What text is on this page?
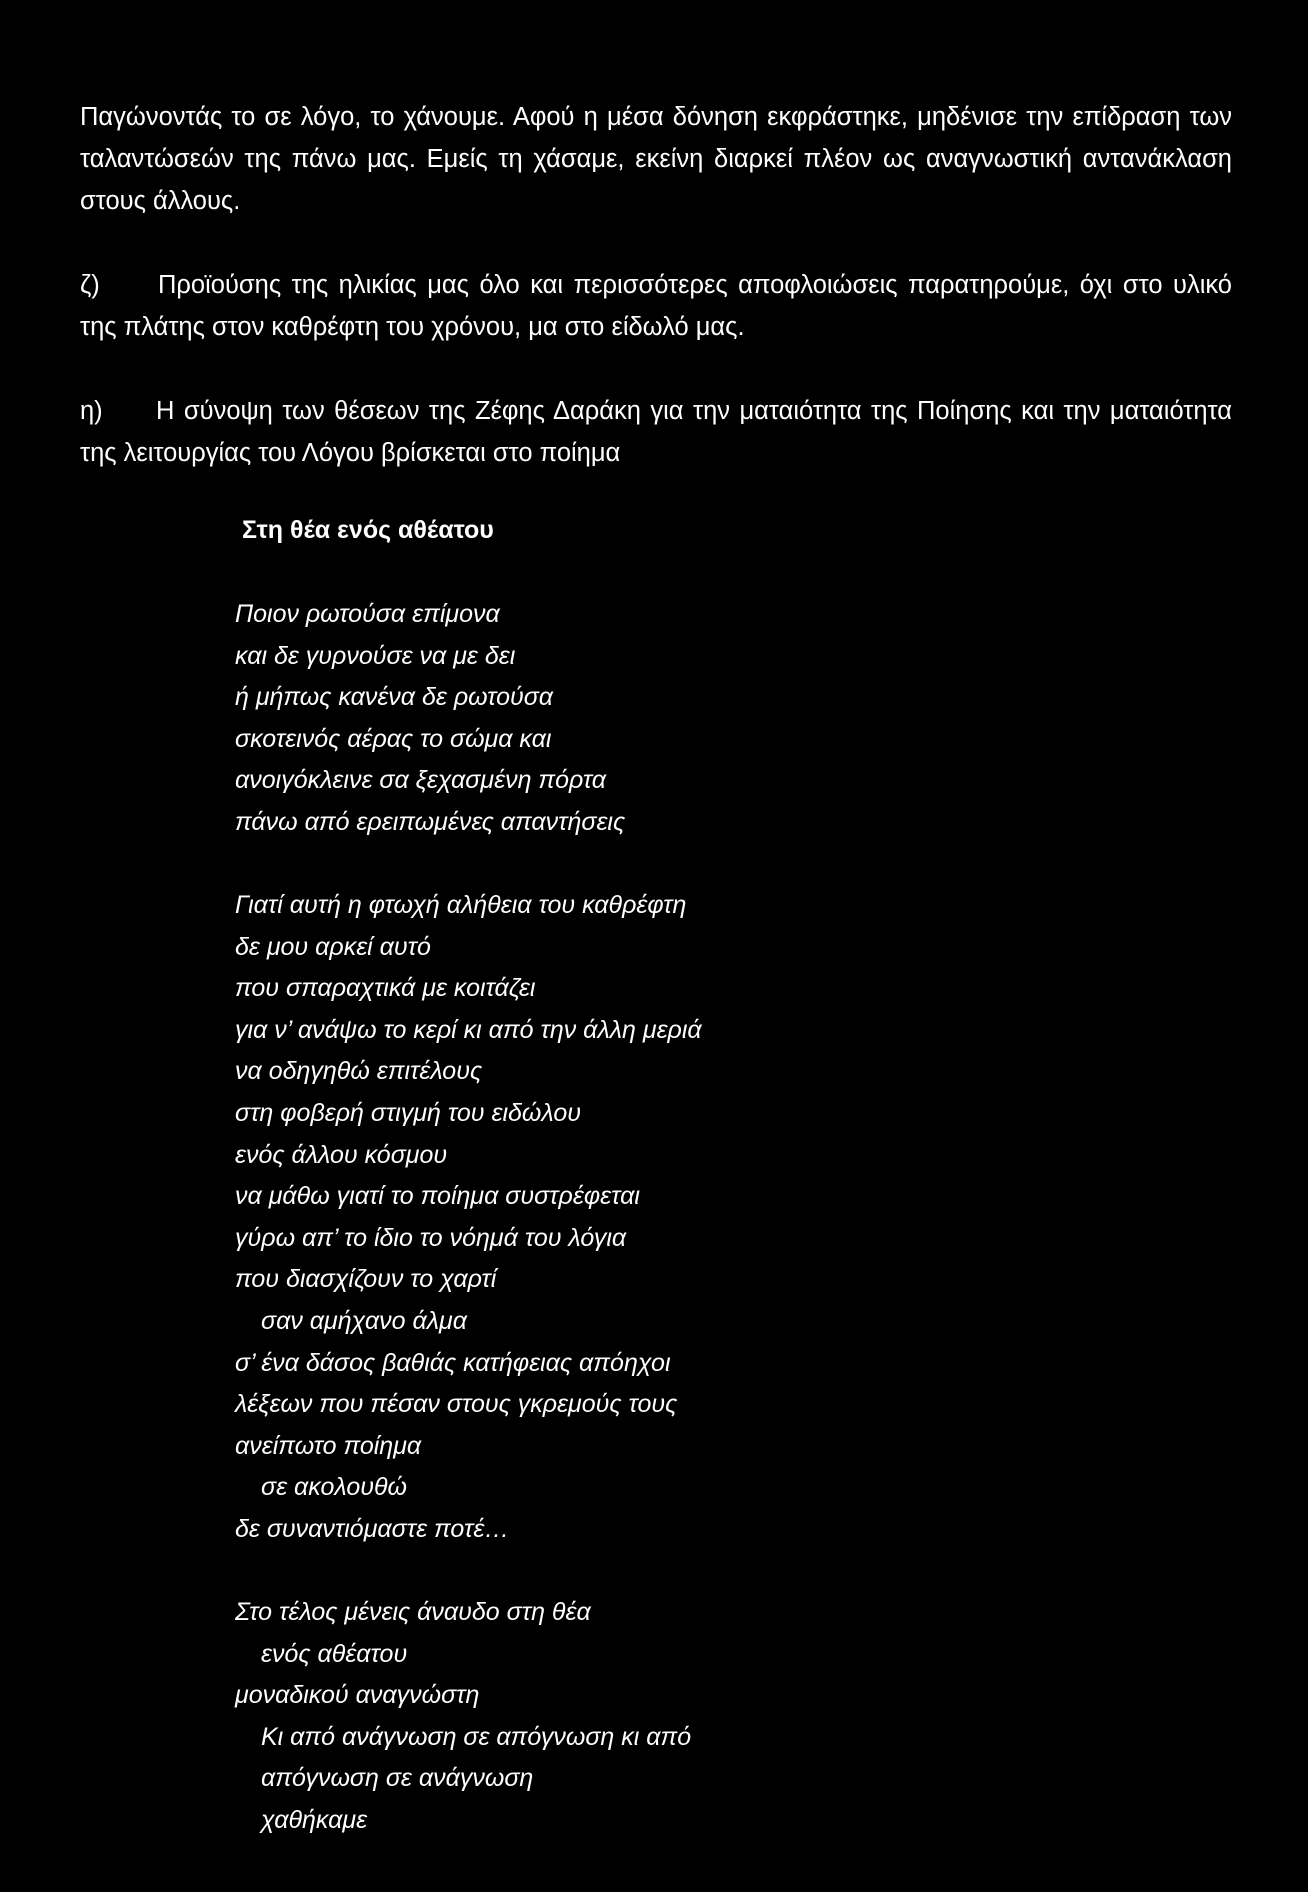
Παγώνοντάς το σε λόγο, το χάνουμε. Αφού η μέσα δόνηση εκφράστηκε, μηδένισε την επίδραση των ταλαντώσεών της πάνω μας. Εμείς τη χάσαμε, εκείνη διαρκεί πλέον ως αναγνωστική αντανάκλαση στους άλλους.

ζ) Προϊούσης της ηλικίας μας όλο και περισσότερες αποφλοιώσεις παρατηρούμε, όχι στο υλικό της πλάτης στον καθρέφτη του χρόνου, μα στο είδωλό μας.

η) Η σύνοψη των θέσεων της Ζέφης Δαράκη για την ματαιότητα της Ποίησης και την ματαιότητα της λειτουργίας του Λόγου βρίσκεται στο ποίημα

Στη θέα ενός αθέατου
Ποιον ρωτούσα επίμονα
και δε γυρνούσε να με δει
ή μήπως κανένα δε ρωτούσα
σκοτεινός αέρας το σώμα και
ανοιγόκλεινε σα ξεχασμένη πόρτα
πάνω από ερειπωμένες απαντήσεις
Γιατί αυτή η φτωχή αλήθεια του καθρέφτη
δε μου αρκεί αυτό
που σπαραχτικά με κοιτάζει
για ν’ ανάψω το κερί κι από την άλλη μεριά
να οδηγηθώ επιτέλους
στη φοβερή στιγμή του ειδώλου
ενός άλλου κόσμου
να μάθω γιατί το ποίημα συστρέφεται
γύρω απ’ το ίδιο το νόημά του λόγια
που διασχίζουν το χαρτί
σαν αμήχανο άλμα
σ’ ένα δάσος βαθιάς κατήφειας απόηχοι
λέξεων που πέσαν στους γκρεμούς τους
ανείπωτο ποίημα
σε ακολουθώ
δε συναντιόμαστε ποτέ…
Στο τέλος μένεις άναυδο στη θέα
ενός αθέατου
μοναδικού αναγνώστη
Κι από ανάγνωση σε απόγνωση κι από
απόγνωση σε ανάγνωση
χαθήκαμε
